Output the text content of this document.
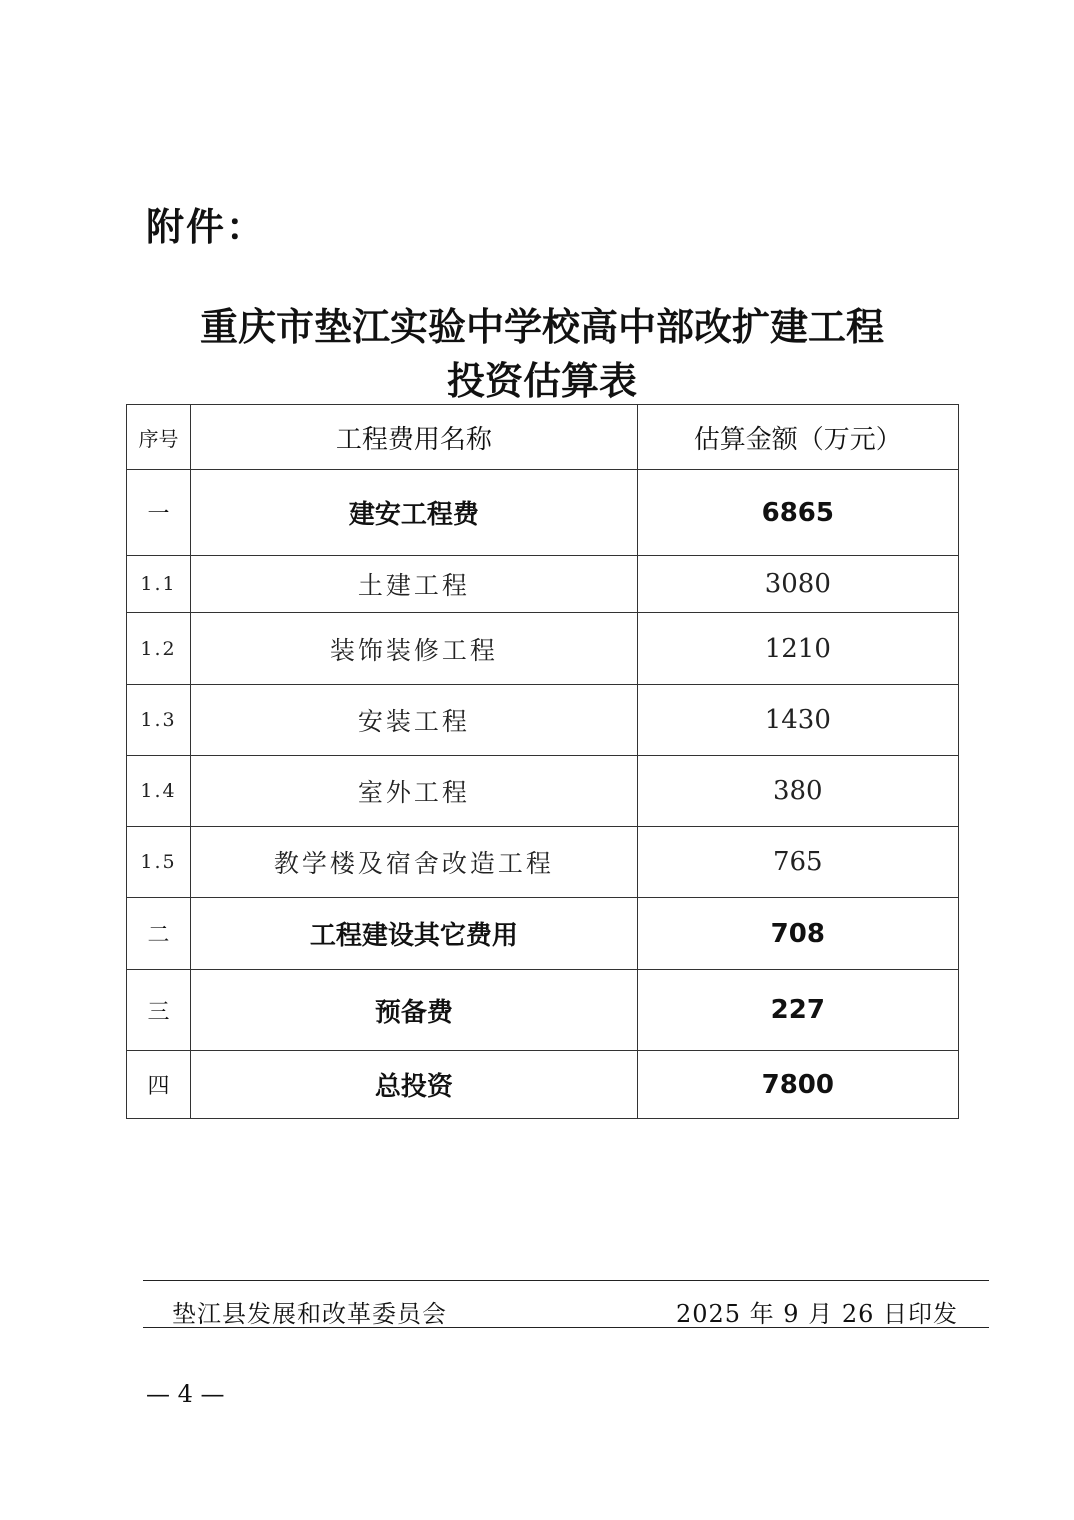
附件：
重庆市垫江实验中学校高中部改扩建工程
投资估算表
序号	工程费用名称	估算金额（万元）
一	建安工程费	6865
1.1	土建工程	3080
1.2	装饰装修工程	1210
1.3	安装工程	1430
1.4	室外工程	380
1.5	教学楼及宿舍改造工程	765
二	工程建设其它费用	708
三	预备费	227
四	总投资	7800

垫江县发展和改革委员会	2025 年 9 月 26 日印发

— 4 —
